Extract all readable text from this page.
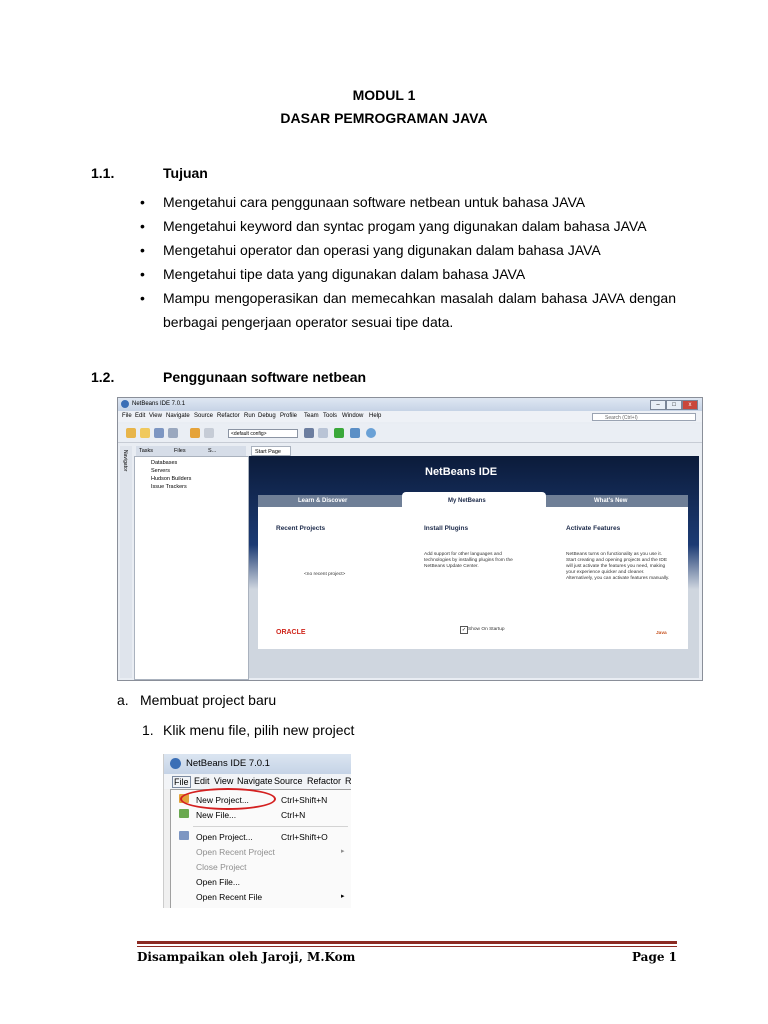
MODUL 1
DASAR PEMROGRAMAN JAVA
1.1.	Tujuan
• Mengetahui cara penggunaan software netbean untuk bahasa JAVA
• Mengetahui keyword dan syntac progam yang digunakan dalam bahasa JAVA
• Mengetahui operator dan operasi yang digunakan dalam bahasa JAVA
• Mengetahui tipe data yang digunakan dalam bahasa JAVA
• Mampu mengoperasikan dan memecahkan masalah dalam bahasa JAVA dengan berbagai pengerjaan operator sesuai tipe data.
1.2.	Penggunaan software netbean
NetBeans IDE 7.0.1	–	□	x
File Edit View Navigate Source Refactor Run Debug Profile Team Tools Window Help	Search (Ctrl+I)
<default config>
Navigator Tasks	Files	S...
Databases
Servers
Hudson Builders
Issue Trackers
Start Page
NetBeans IDE
Learn & Discover	My NetBeans	What's New
Recent Projects
<no recent project>
Install Plugins
Add support for other languages and technologies by installing plugins from the NetBeans Update Center.
Activate Features
NetBeans turns on functionality as you use it. Start creating and opening projects and the IDE will just activate the features you need, making your experience quicker and cleaner. Alternatively, you can activate features manually.
ORACLE	✓ Show On Startup
Java
a. Membuat project baru
1. Klik menu file, pilih new project
NetBeans IDE 7.0.1
File Edit View Navigate Source Refactor R
New Project...	Ctrl+Shift+N
New File...	Ctrl+N
Open Project...	Ctrl+Shift+O
Open Recent Project	▸
Close Project
Open File...
Open Recent File	▸
Disampaikan oleh Jaroji, M.Kom	Page 1
